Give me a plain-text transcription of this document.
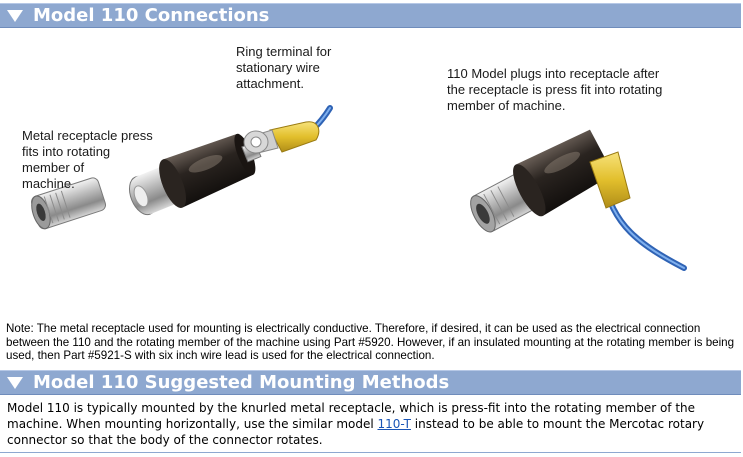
Model 110 Connections
Metal receptacle press
fits into rotating
member of
machine.
Ring terminal for
stationary wire
attachment.
110 Model plugs into receptacle after
the receptacle is press fit into rotating
member of machine.
Note: The metal receptacle used for mounting is electrically conductive. Therefore, if desired, it can be used as the electrical connection between the 110 and the rotating member of the machine using Part #5920. However, if an insulated mounting at the rotating member is being used, then Part #5921-S with six inch wire lead is used for the electrical connection.
Model 110 Suggested Mounting Methods
Model 110 is typically mounted by the knurled metal receptacle, which is press-fit into the rotating member of the machine. When mounting horizontally, use the similar model 110-T instead to be able to mount the Mercotac rotary connector so that the body of the connector rotates.
